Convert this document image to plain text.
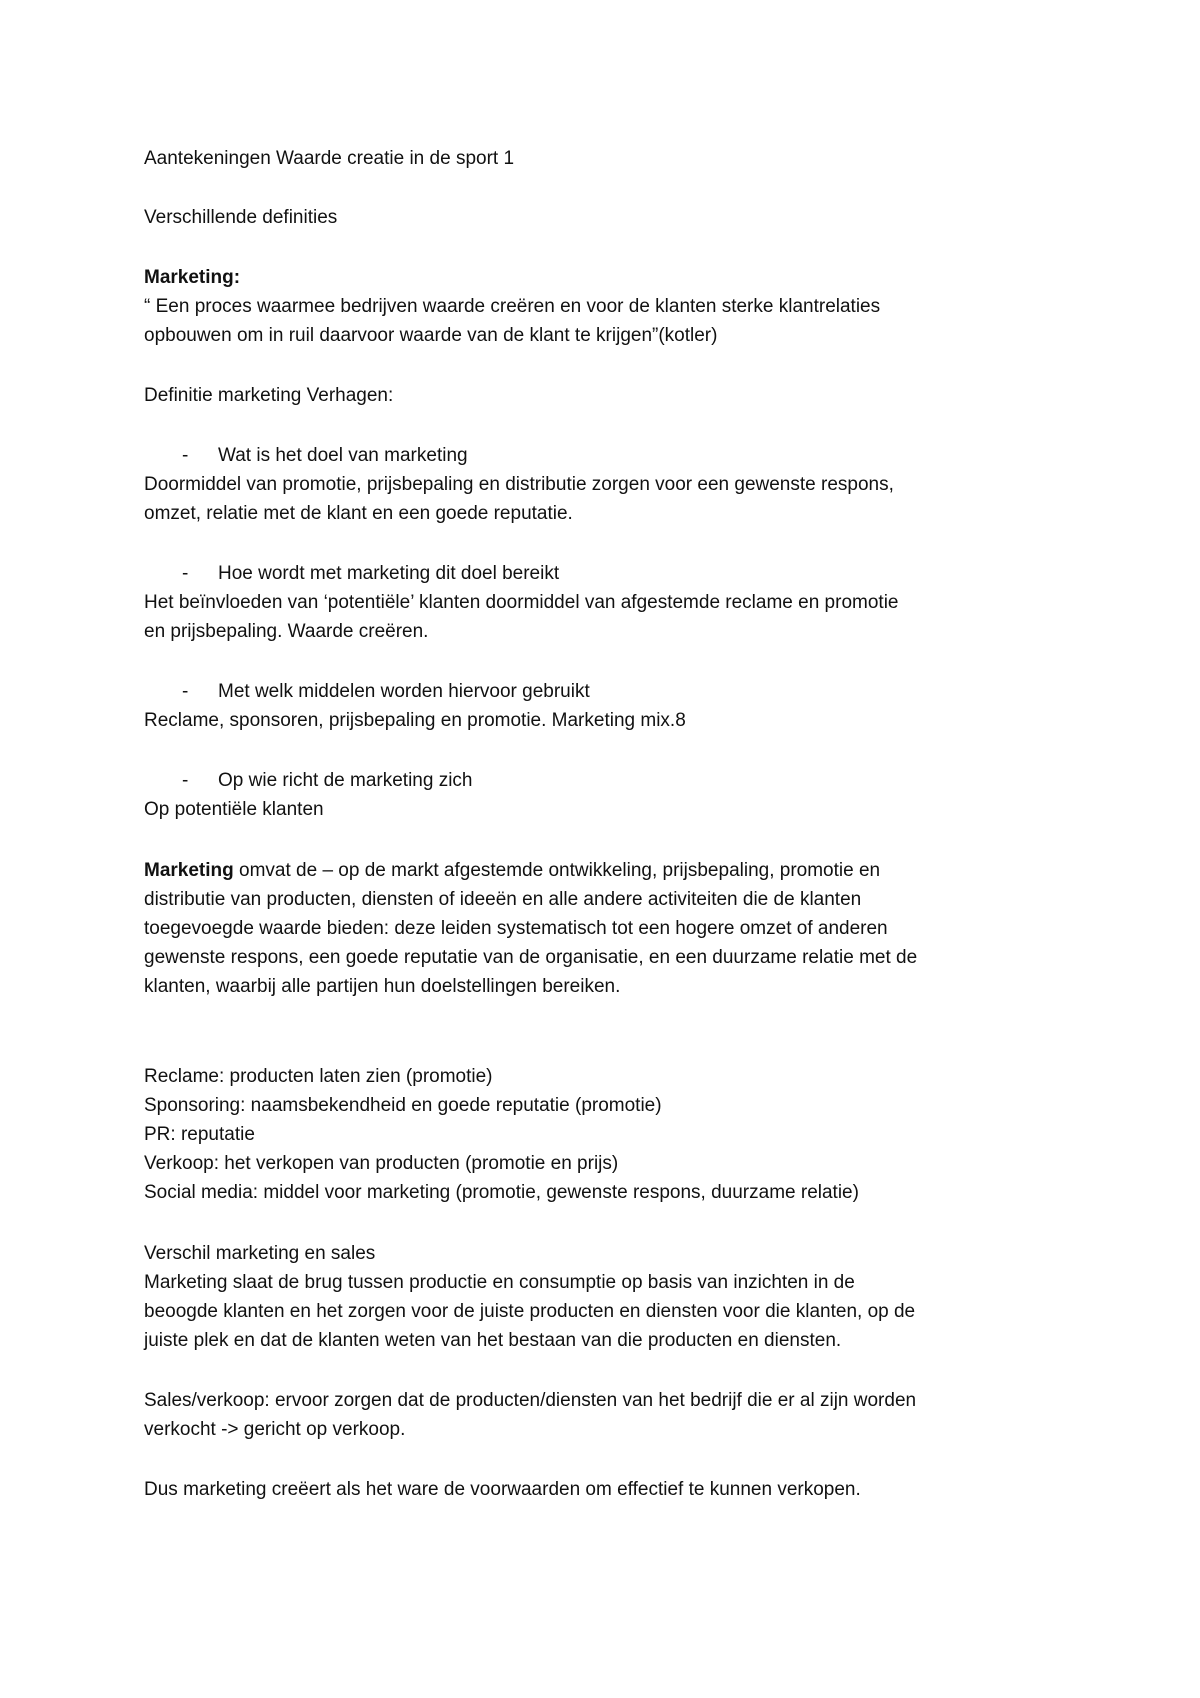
Aantekeningen Waarde creatie in de sport 1
Verschillende definities
Marketing:
“ Een proces waarmee bedrijven waarde creëren en voor de klanten sterke klantrelaties
opbouwen om in ruil daarvoor waarde van de klant te krijgen”(kotler)
Definitie marketing Verhagen:
- Wat is het doel van marketing
Doormiddel van promotie, prijsbepaling en distributie zorgen voor een gewenste respons,
omzet, relatie met de klant en een goede reputatie.
- Hoe wordt met marketing dit doel bereikt
Het beïnvloeden van ‘potentiële’ klanten doormiddel van afgestemde reclame en promotie
en prijsbepaling. Waarde creëren.
- Met welk middelen worden hiervoor gebruikt
Reclame, sponsoren, prijsbepaling en promotie. Marketing mix.8
- Op wie richt de marketing zich
Op potentiële klanten
Marketing omvat de – op de markt afgestemde ontwikkeling, prijsbepaling, promotie en
distributie van producten, diensten of ideeën en alle andere activiteiten die de klanten
toegevoegde waarde bieden: deze leiden systematisch tot een hogere omzet of anderen
gewenste respons, een goede reputatie van de organisatie, en een duurzame relatie met de
klanten, waarbij alle partijen hun doelstellingen bereiken.
Reclame: producten laten zien (promotie)
Sponsoring: naamsbekendheid en goede reputatie (promotie)
PR: reputatie
Verkoop: het verkopen van producten (promotie en prijs)
Social media: middel voor marketing (promotie, gewenste respons, duurzame relatie)
Verschil marketing en sales
Marketing slaat de brug tussen productie en consumptie op basis van inzichten in de
beoogde klanten en het zorgen voor de juiste producten en diensten voor die klanten, op de
juiste plek en dat de klanten weten van het bestaan van die producten en diensten.
Sales/verkoop: ervoor zorgen dat de producten/diensten van het bedrijf die er al zijn worden
verkocht -> gericht op verkoop.
Dus marketing creëert als het ware de voorwaarden om effectief te kunnen verkopen.
